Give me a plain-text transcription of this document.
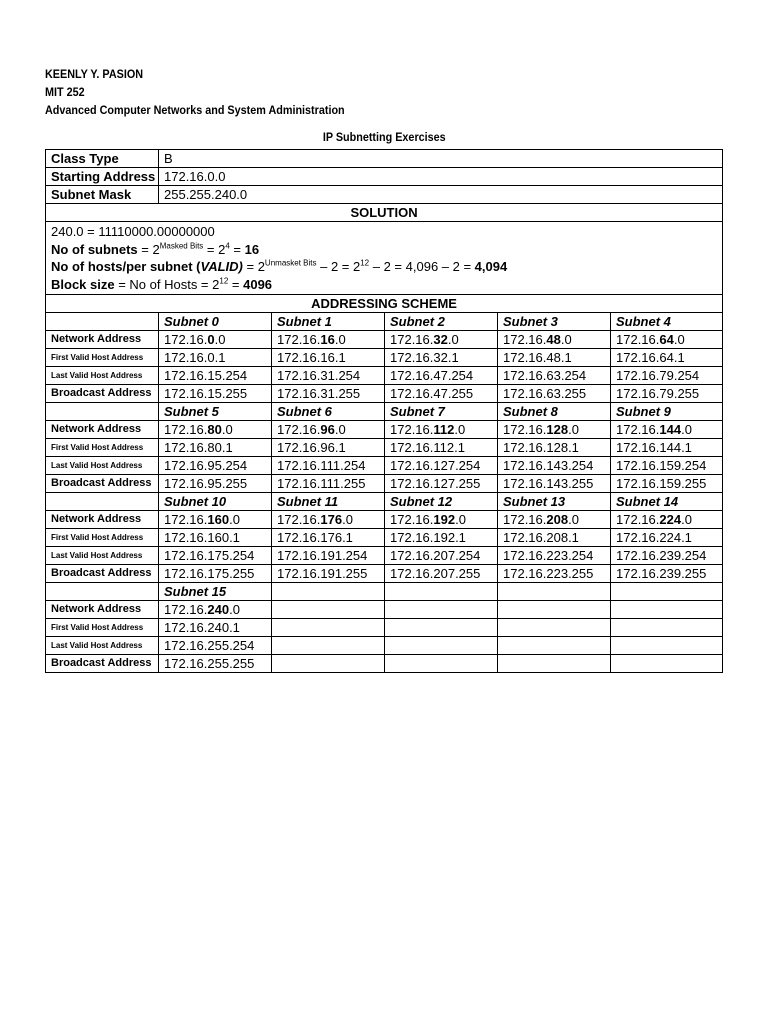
KEENLY Y. PASION
MIT 252
Advanced Computer Networks and System Administration
IP Subnetting Exercises
Class Type	B				
Starting Address	172.16.0.0				
Subnet Mask	255.255.240.0				
SOLUTION					

240.0 = 11110000.00000000
No of subnets = $2^{Masked Bits} = 2^4 = 16$
No of hosts/per subnet (VALID) = $2^{Unmasket Bits} - 2 = 2^{12} - 2 = 4,096 - 2 = 4,094$
Block size = No of Hosts = $2^{12} = 4096$					

ADDRESSING SCHEME					
	Subnet 0	Subnet 1	Subnet 2	Subnet 3	Subnet 4
Network Address	172.16.0.0	172.16.16.0	172.16.32.0	172.16.48.0	172.16.64.0
First Valid Host Address	172.16.0.1	172.16.16.1	172.16.32.1	172.16.48.1	172.16.64.1
Last Valid Host Address	172.16.15.254	172.16.31.254	172.16.47.254	172.16.63.254	172.16.79.254
Broadcast Address	172.16.15.255	172.16.31.255	172.16.47.255	172.16.63.255	172.16.79.255
	Subnet 5	Subnet 6	Subnet 7	Subnet 8	Subnet 9
Network Address	172.16.80.0	172.16.96.0	172.16.112.0	172.16.128.0	172.16.144.0
First Valid Host Address	172.16.80.1	172.16.96.1	172.16.112.1	172.16.128.1	172.16.144.1
Last Valid Host Address	172.16.95.254	172.16.111.254	172.16.127.254	172.16.143.254	172.16.159.254
Broadcast Address	172.16.95.255	172.16.111.255	172.16.127.255	172.16.143.255	172.16.159.255
	Subnet 10	Subnet 11	Subnet 12	Subnet 13	Subnet 14
Network Address	172.16.160.0	172.16.176.0	172.16.192.0	172.16.208.0	172.16.224.0
First Valid Host Address	172.16.160.1	172.16.176.1	172.16.192.1	172.16.208.1	172.16.224.1
Last Valid Host Address	172.16.175.254	172.16.191.254	172.16.207.254	172.16.223.254	172.16.239.254
Broadcast Address	172.16.175.255	172.16.191.255	172.16.207.255	172.16.223.255	172.16.239.255
	Subnet 15				
Network Address	172.16.240.0				
First Valid Host Address	172.16.240.1				
Last Valid Host Address	172.16.255.254				
Broadcast Address	172.16.255.255				
